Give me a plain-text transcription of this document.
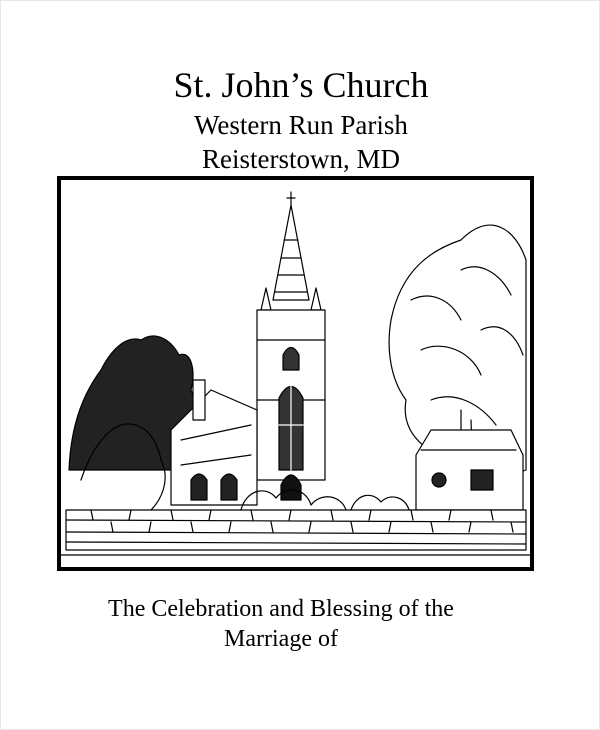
St. John’s Church
Western Run Parish
Reisterstown, MD
The Celebration and Blessing of the
Marriage of
